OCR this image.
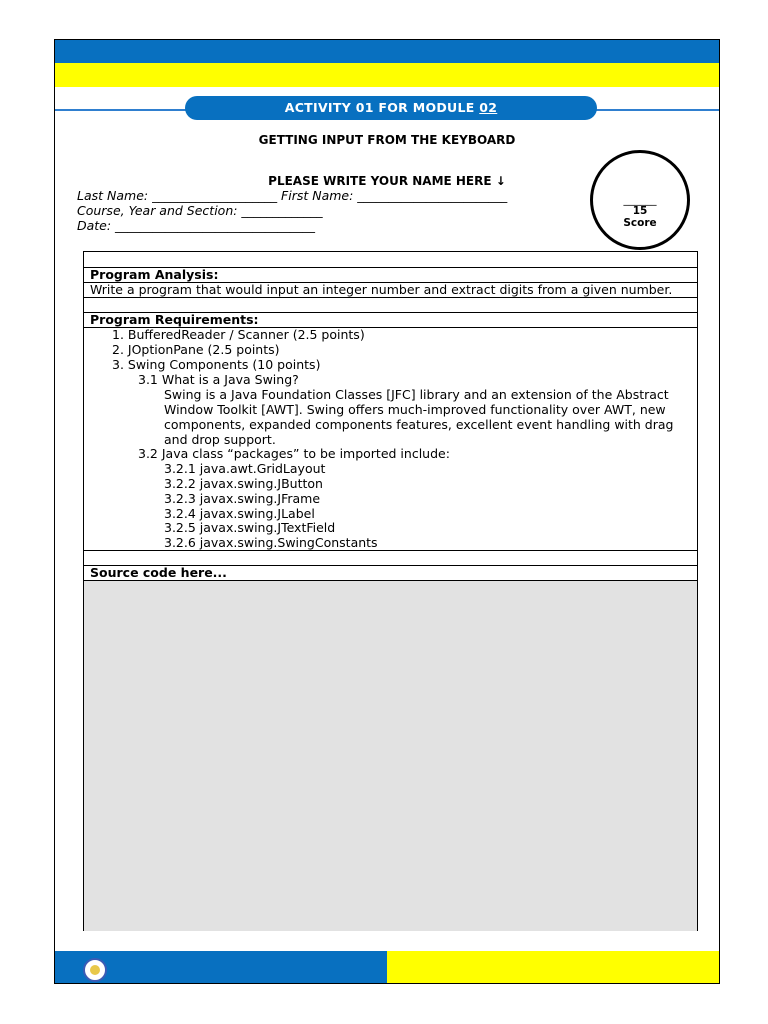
ACTIVITY 01 FOR MODULE 02
GETTING INPUT FROM THE KEYBOARD
PLEASE WRITE YOUR NAME HERE ↓
Last Name: ____________________ First Name: ________________________
Course, Year and Section: _____________
Date: ________________________________
______
15
Score
Program Analysis:
Write a program that would input an integer number and extract digits from a given number.
Program Requirements:
1. BufferedReader / Scanner (2.5 points)
2. JOptionPane (2.5 points)
3. Swing Components (10 points)
3.1 What is a Java Swing?
Swing is a Java Foundation Classes [JFC] library and an extension of the Abstract
Window Toolkit [AWT]. Swing offers much-improved functionality over AWT, new
components, expanded components features, excellent event handling with drag
and drop support.
3.2 Java class “packages” to be imported include:
3.2.1 java.awt.GridLayout
3.2.2 javax.swing.JButton
3.2.3 javax.swing.JFrame
3.2.4 javax.swing.JLabel
3.2.5 javax.swing.JTextField
3.2.6 javax.swing.SwingConstants
Source code here...
